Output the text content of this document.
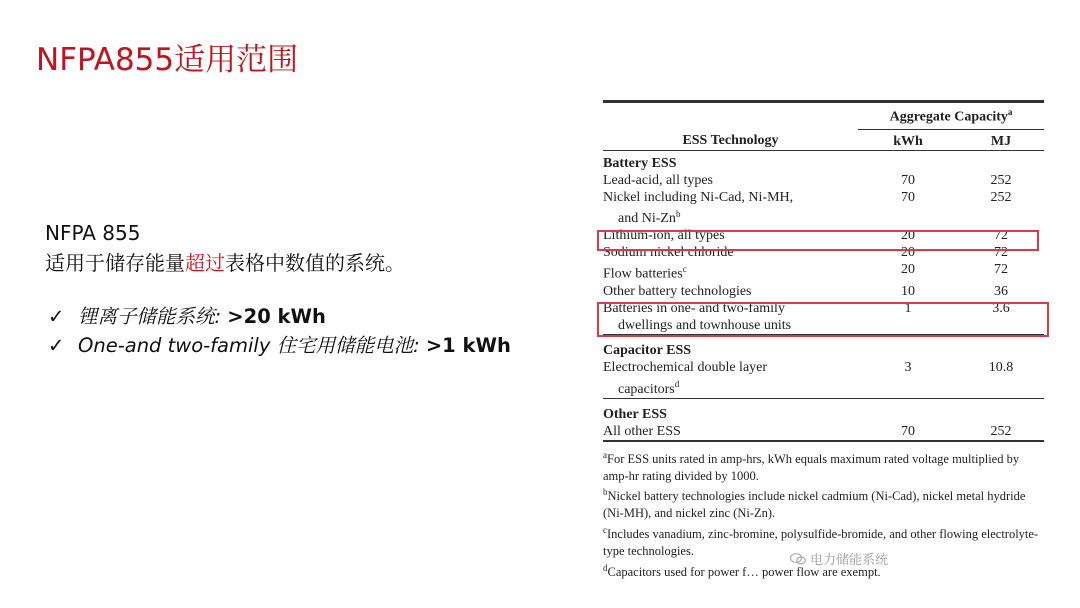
NFPA855适用范围
NFPA 855
适用于储存能量超过表格中数值的系统。
✓ 锂离子储能系统: >20 kWh
✓ One-and two-family 住宅用储能电池: >1 kWh

	Aggregate Capacity$^a$
ESS Technology	kWh	MJ

Battery ESS		
Lead-acid, all types	70	252
Nickel including Ni-Cad, Ni-MH,
and Ni-Zn$^b$	70	252
Lithium-ion, all types	20	72
Sodium nickel chloride	20	72
Flow batteries$^c$	20	72
Other battery technologies	10	36
Batteries in one- and two-family
dwellings and townhouse units	1	3.6

Capacitor ESS		
Electrochemical double layer
capacitors$^d$	3	10.8

Other ESS		
All other ESS	70	252

$^a$For ESS units rated in amp-hrs, kWh equals maximum rated voltage multiplied by amp-hr rating divided by 1000.
$^b$Nickel battery technologies include nickel cadmium (Ni-Cad), nickel metal hydride (Ni-MH), and nickel zinc (Ni-Zn).
$^c$Includes vanadium, zinc-bromine, polysulfide-bromide, and other flowing electrolyte-type technologies.
$^d$Capacitors used for power f… power flow are exempt.
电力储能系统
